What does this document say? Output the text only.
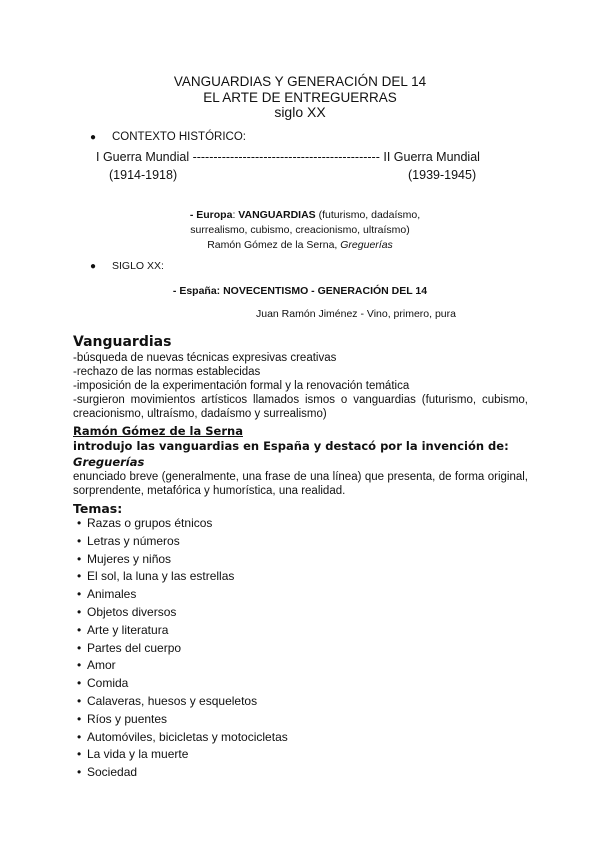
VANGUARDIAS Y GENERACIÓN DEL 14
EL ARTE DE ENTREGUERRAS
siglo XX
● CONTEXTO HISTÓRICO:
I Guerra Mundial --------------------------------------------- II Guerra Mundial
(1914-1918)	(1939-1945)
- Europa: VANGUARDIAS (futurismo, dadaísmo,
surrealismo, cubismo, creacionismo, ultraísmo)
Ramón Gómez de la Serna, Greguerías
● SIGLO XX:
- España: NOVECENTISMO - GENERACIÓN DEL 14
Juan Ramón Jiménez - Vino, primero, pura
Vanguardias
-búsqueda de nuevas técnicas expresivas creativas
-rechazo de las normas establecidas
-imposición de la experimentación formal y la renovación temática
-surgieron movimientos artísticos llamados ismos o vanguardias (futurismo, cubismo, creacionismo, ultraísmo, dadaísmo y surrealismo)
Ramón Gómez de la Serna
introdujo las vanguardias en España y destacó por la invención de:
Greguerías
enunciado breve (generalmente, una frase de una línea) que presenta, de forma original, sorprendente, metafórica y humorística, una realidad.
Temas:
• Razas o grupos étnicos
• Letras y números
• Mujeres y niños
• El sol, la luna y las estrellas
• Animales
• Objetos diversos
• Arte y literatura
• Partes del cuerpo
• Amor
• Comida
• Calaveras, huesos y esqueletos
• Ríos y puentes
• Automóviles, bicicletas y motocicletas
• La vida y la muerte
• Sociedad
